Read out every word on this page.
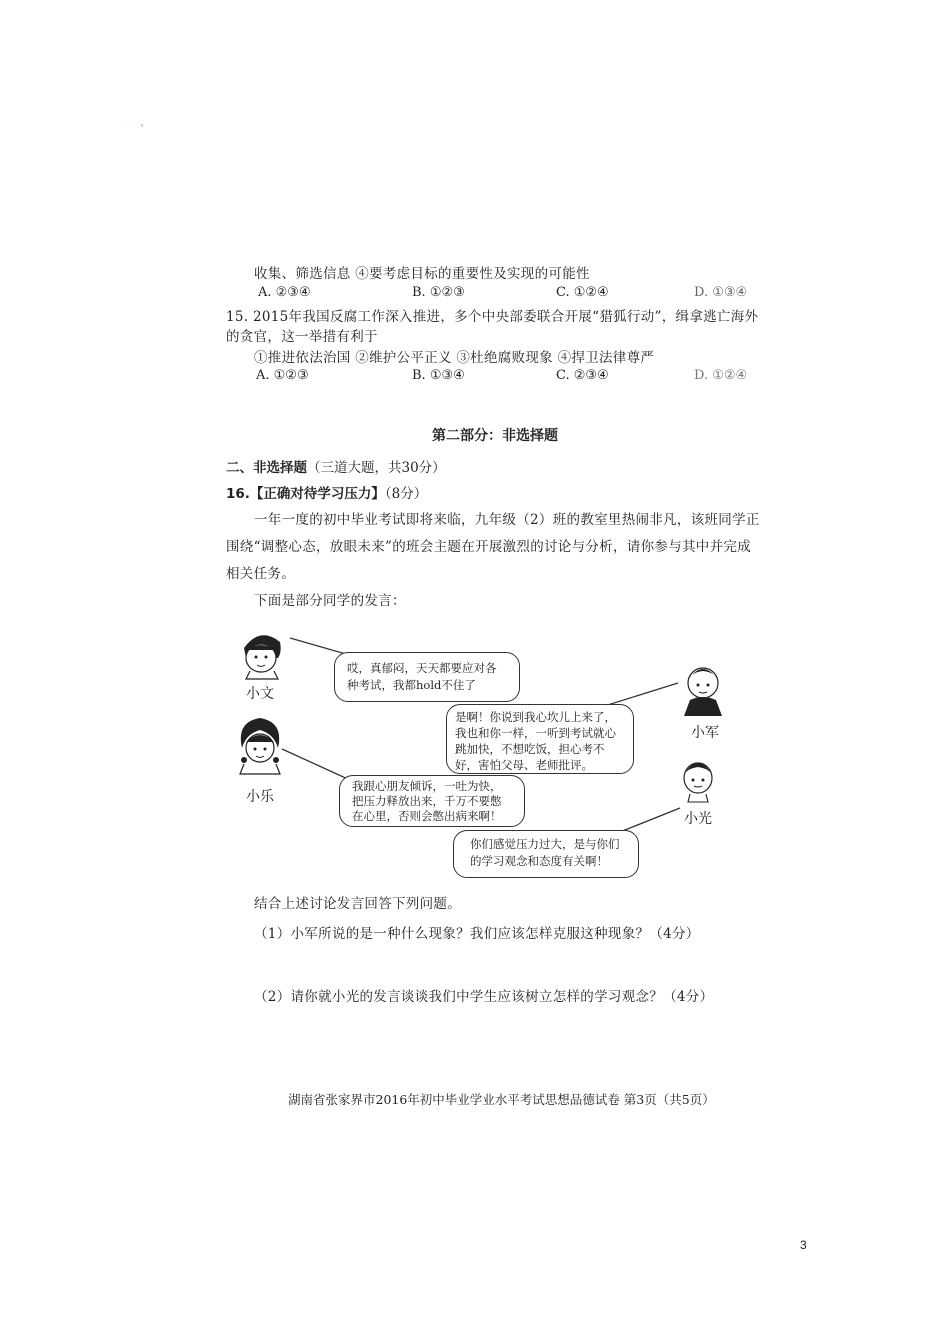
、
收集、筛选信息 ④要考虑目标的重要性及实现的可能性
A. ②③④	B. ①②③	C. ①②④	D. ①③④
15. 2015年我国反腐工作深入推进，多个中央部委联合开展“猎狐行动”，缉拿逃亡海外
的贪官，这一举措有利于
①推进依法治国 ②维护公平正义 ③杜绝腐败现象 ④捍卫法律尊严
A. ①②③	B. ①③④	C. ②③④	D. ①②④
第二部分：非选择题
二、非选择题（三道大题，共30分）
16.【正确对待学习压力】（8分）
一年一度的初中毕业考试即将来临，九年级（2）班的教室里热闹非凡，该班同学正
围绕“调整心态，放眼未来”的班会主题在开展激烈的讨论与分析，请你参与其中并完成
相关任务。
下面是部分同学的发言：
小文
哎，真郁闷，天天都要应对各种考试，我都hold不住了
小军
是啊！你说到我心坎儿上来了，我也和你一样，一听到考试就心跳加快，不想吃饭，担心考不好，害怕父母、老师批评。
小乐
我跟心朋友倾诉，一吐为快，把压力释放出来，千万不要憋在心里，否则会憋出病来啊！	小光
你们感觉压力过大，是与你们的学习观念和态度有关啊！
结合上述讨论发言回答下列问题。
（1）小军所说的是一种什么现象？我们应该怎样克服这种现象？（4分）
（2）请你就小光的发言谈谈我们中学生应该树立怎样的学习观念？（4分）
湖南省张家界市2016年初中毕业学业水平考试思想品德试卷 第3页（共5页）
3
